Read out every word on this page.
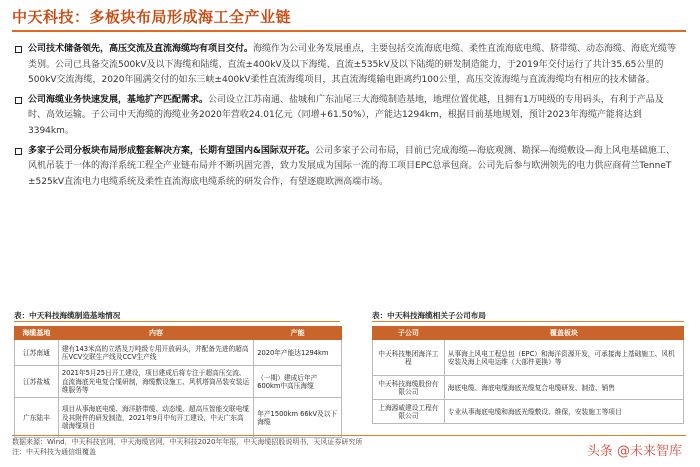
中天科技：多板块布局形成海工全产业链
公司技术储备领先，高压交流及直流海缆均有项目交付。海缆作为公司业务发展重点，主要包括交流海底电缆、柔性直流海底电缆、脐带缆、动态海缆、海底光缆等类别。公司已具备交流500kV及以下海缆和陆缆、直流±400kV及以下海缆、直流±535kV及以下陆缆的研发制造能力，于2019年交付运行了共计35.65公里的500kV交流海缆，2020年圆满交付的如东三峡±400kV柔性直流海缆项目，其直流海缆输电距离约100公里，高压交流海缆与直流海缆均有相应的技术储备。
公司海缆业务快速发展，基地扩产匹配需求。公司设立江苏南通、盐城和广东汕尾三大海缆制造基地，地理位置优越，且拥有1万吨级的专用码头，有利于产品及时、高效运输。子公司中天海缆的海缆业务2020年营收24.01亿元（同增+61.50%），产能达1294km，根据目前基地规划，预计2023年海缆产能将达到3394km。
多家子公司分板块布局形成整套解决方案，长期有望国内&国际双开花。公司多家子公司布局，目前已完成海缆—海底观测、勘探—海缆敷设—海上风电基础施工、风机吊装于一体的海洋系统工程全产业链布局并不断巩固完善，致力发展成为国际一流的海工项目EPC总承包商。公司先后参与欧洲领先的电力供应商荷兰TenneT ±525kV直流电力电缆系统及柔性直流海底电缆系统的研发合作，有望逐鹿欧洲高端市场。
表：中天科技海缆制造基地情况
海缆基地	内容	产能
江苏南通	建有143米高的立塔及万吨级专用开放码头，并配备先进的超高压VCV交联生产线及CCV生产线	2020年产能达1294km
江苏盐城	2021年5月25日开工建设，项目建成后将专注于超高压交流、直流海底光电复合缆研制，海缆敷设施工、风机塔筒吊装安装运维服务等	（一期）建成后年产600km中高压海缆
广东陆丰	项目从事海底电缆、海洋脐带缆、动态缆、超高压智能交联电缆及其附件的研发制造，2021年9月中旬开工建设，中天广东高端海缆项目	年产1500km 66kV及以下海缆
表：中天科技海缆相关子公司布局
子公司	覆盖板块
中天科技集团海洋工程	从事海上风电工程总包（EPC）和海洋资源开发，可承接海上基础施工、风机安装及海上风电运维（大部件更换）等
中天科技海缆股份有限公司	海底电缆、海底电缆海底光缆复合电缆研发、制造、销售
上海源威建设工程有限公司	专业从事海底电缆和海底光缆敷设、维保，安装施工等项目
数据来源：Wind，中天科技官网，中天海缆官网，中天科技2020年年报，中天海缆招股说明书，天风证券研究所
注：中天科技为通信组覆盖	头条 @未来智库
